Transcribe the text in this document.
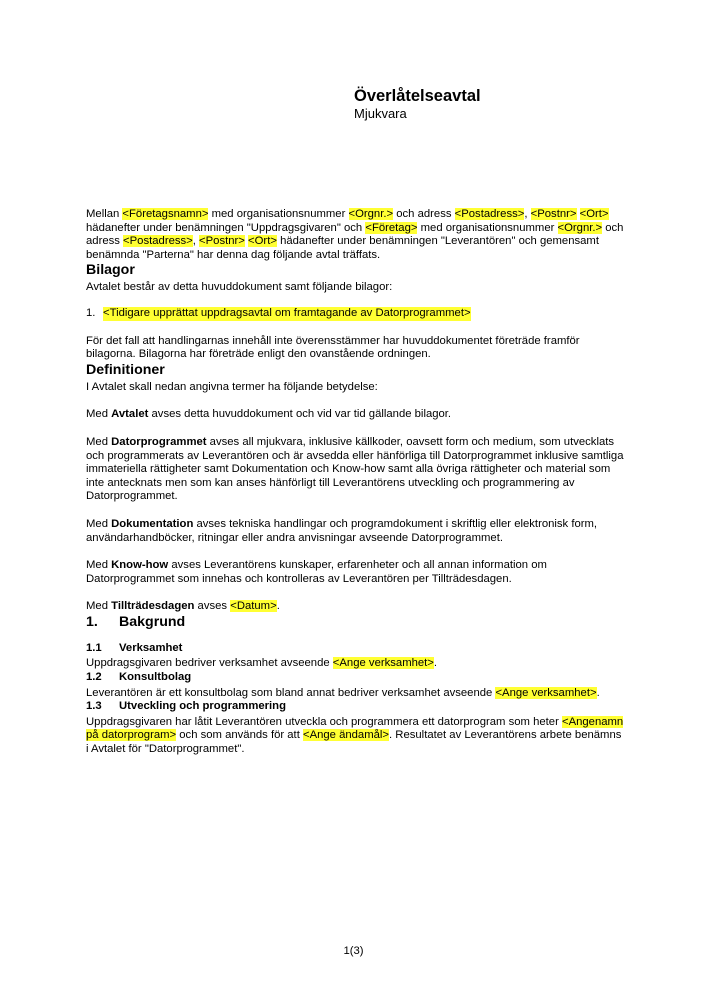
Överlåtelseavtal

Mjukvara

Mellan <Företagsnamn> med organisationsnummer <Orgnr.> och adress <Postadress>, <Postnr> <Ort> hädanefter under benämningen "Uppdragsgivaren" och <Företag> med organisationsnummer <Orgnr.> och adress <Postadress>, <Postnr> <Ort> hädanefter under benämningen "Leverantören" och gemensamt benämnda "Parterna" har denna dag följande avtal träffats.

Bilagor

Avtalet består av detta huvuddokument samt följande bilagor:

1. <Tidigare upprättat uppdragsavtal om framtagande av Datorprogrammet>

För det fall att handlingarnas innehåll inte överensstämmer har huvuddokumentet företräde framför bilagorna. Bilagorna har företräde enligt den ovanstående ordningen.

Definitioner

I Avtalet skall nedan angivna termer ha följande betydelse:

Med Avtalet avses detta huvuddokument och vid var tid gällande bilagor.

Med Datorprogrammet avses all mjukvara, inklusive källkoder, oavsett form och medium, som utvecklats och programmerats av Leverantören och är avsedda eller hänförliga till Datorprogrammet inklusive samtliga immateriella rättigheter samt Dokumentation och Know-how samt alla övriga rättigheter och material som inte antecknats men som kan anses hänförligt till Leverantörens utveckling och programmering av Datorprogrammet.

Med Dokumentation avses tekniska handlingar och programdokument i skriftlig eller elektronisk form, användarhandböcker, ritningar eller andra anvisningar avseende Datorprogrammet.

Med Know-how avses Leverantörens kunskaper, erfarenheter och all annan information om Datorprogrammet som innehas och kontrolleras av Leverantören per Tillträdesdagen.

Med Tillträdesdagen avses <Datum>.

1.	Bakgrund
1.1	Verksamhet

Uppdragsgivaren bedriver verksamhet avseende <Ange verksamhet>.

1.2	Konsultbolag

Leverantören är ett konsultbolag som bland annat bedriver verksamhet avseende <Ange verksamhet>.

1.3	Utveckling och programmering

Uppdragsgivaren har låtit Leverantören utveckla och programmera ett datorprogram som heter <Angenamn på datorprogram> och som används för att <Ange ändamål>. Resultatet av Leverantörens arbete benämns i Avtalet för "Datorprogrammet".

1(3)
